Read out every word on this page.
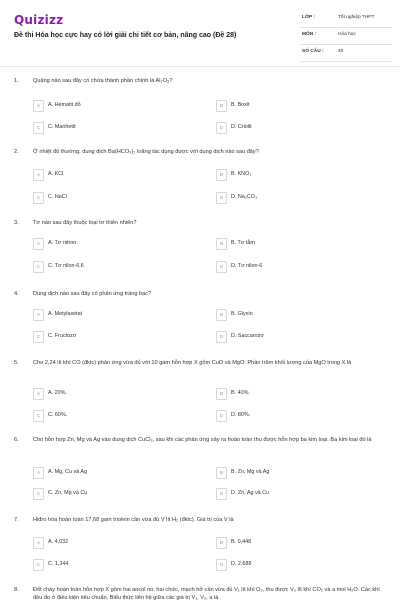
Quizizz
Đề thi Hóa học cực hay có lời giải chi tiết cơ bản, nâng cao (Đề 28)
LỚP :	Tốt nghiệp THPT
MÔN :	Hóa học
SỐ CÂU :	40
1.	Quặng nào sau đây có chứa thành phần chính là Al₂O₃?
A	A. Hematit đỏ	B	B. Boxit
C	C. Manhetit	D	D. Criolit
2.	Ở nhiệt độ thường, dung dịch Ba(HCO₃)₂ loãng tác dụng được với dung dịch nào sau đây?
A	A. KCl	B	B. KNO₃
C	C. NaCl	D	D. Na₂CO₃
3.	Tơ nào sau đây thuộc loại tơ thiên nhiên?
A	A. Tơ nitron	B	B. Tơ tằm
C	C. Tơ nilon-6,6	D	D. Tơ nilon-6
4.	Dung dịch nào sau đây có phản ứng tráng bạc?
A	A. Metylaxetat	B	B. Glyxin
C	C. Fructozơ	D	D. Saccarozơ
5.	Cho 2,24 lít khí CO (đktc) phản ứng vừa đủ với 10 gam hỗn hợp X gồm CuO và MgO. Phần trăm khối lượng của MgO trong X là
A	A. 20%.	B	B. 40%.
C	C. 60%.	D	D. 80%.
6.	Cho hỗn hợp Zn, Mg và Ag vào dung dịch CuCl₂, sau khi các phản ứng xảy ra hoàn toàn thu được hỗn hợp ba kim loại. Ba kim loại đó là
A	A. Mg, Cu và Ag	B	B. Zn, Mg và Ag
C	C. Zn, Mg và Cu	D	D. Zn, Ag và Cu
7.	Hiđro hóa hoàn toàn 17,68 gam triolein cần vừa đủ V lít H₂ (đktc). Giá trị của V là
A	A. 4,032	B	B. 0,448
C	C. 1,344	D	D. 2,688
8.	Đốt cháy hoàn toàn hỗn hợp X gồm hai ancol no, hai chức, mạch hở cần vừa đủ V₁ lít khí O₂, thu được V₂ lít khí CO₂ và a mol H₂O. Các khí đều đo ở điều kiện tiêu chuẩn. Biểu thức liên hệ giữa các giá trị V₁, V₂, a là
